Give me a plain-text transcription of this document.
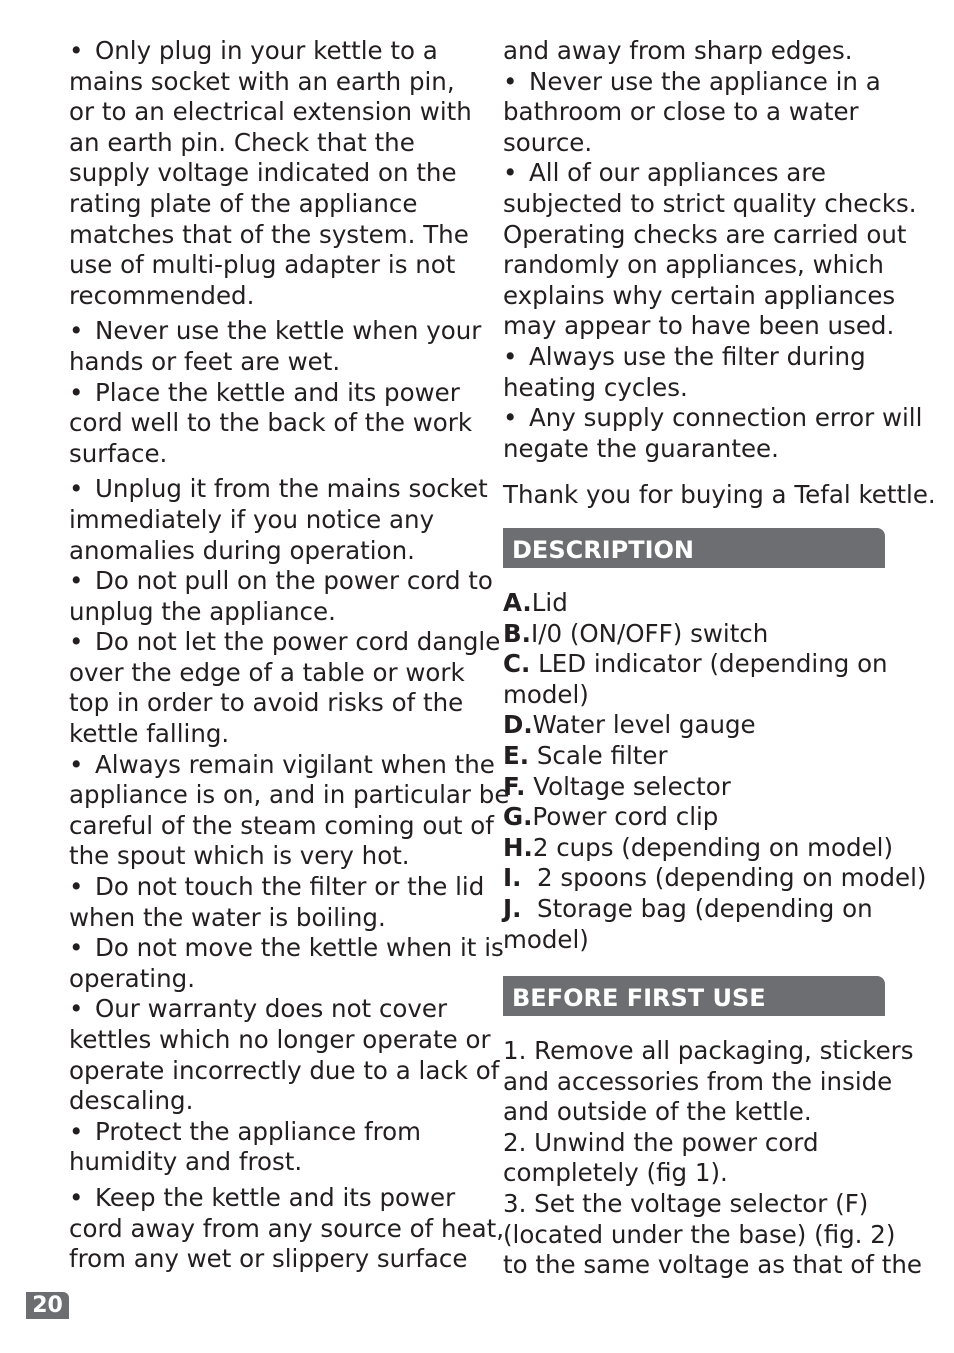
•Only plug in your kettle to a
mains socket with an earth pin,
or to an electrical extension with
an earth pin. Check that the
supply voltage indicated on the
rating plate of the appliance
matches that of the system. The
use of multi-plug adapter is not
recommended.
•Never use the kettle when your
hands or feet are wet.
•Place the kettle and its power
cord well to the back of the work
surface.
•Unplug it from the mains socket
immediately if you notice any
anomalies during operation.
•Do not pull on the power cord to
unplug the appliance.
•Do not let the power cord dangle
over the edge of a table or work
top in order to avoid risks of the
kettle falling.
•Always remain vigilant when the
appliance is on, and in particular be
careful of the steam coming out of
the spout which is very hot.
•Do not touch the filter or the lid
when the water is boiling.
•Do not move the kettle when it is
operating.
•Our warranty does not cover
kettles which no longer operate or
operate incorrectly due to a lack of
descaling.
•Protect the appliance from
humidity and frost.
•Keep the kettle and its power
cord away from any source of heat,
from any wet or slippery surface
and away from sharp edges.
•Never use the appliance in a
bathroom or close to a water
source.
•All of our appliances are
subjected to strict quality checks.
Operating checks are carried out
randomly on appliances, which
explains why certain appliances
may appear to have been used.
•Always use the filter during
heating cycles.
•Any supply connection error will
negate the guarantee.
Thank you for buying a Tefal kettle.
DESCRIPTION
A.Lid
B.I/0 (ON/OFF) switch
C. LED indicator (depending on
model)
D.Water level gauge
E. Scale filter
F. Voltage selector
G.Power cord clip
H.2 cups (depending on model)
I.  2 spoons (depending on model)
J.  Storage bag (depending on
model)
BEFORE FIRST USE
1. Remove all packaging, stickers
and accessories from the inside
and outside of the kettle.
2. Unwind the power cord
completely (fig 1).
3. Set the voltage selector (F)
(located under the base) (fig. 2)
to the same voltage as that of the
20
